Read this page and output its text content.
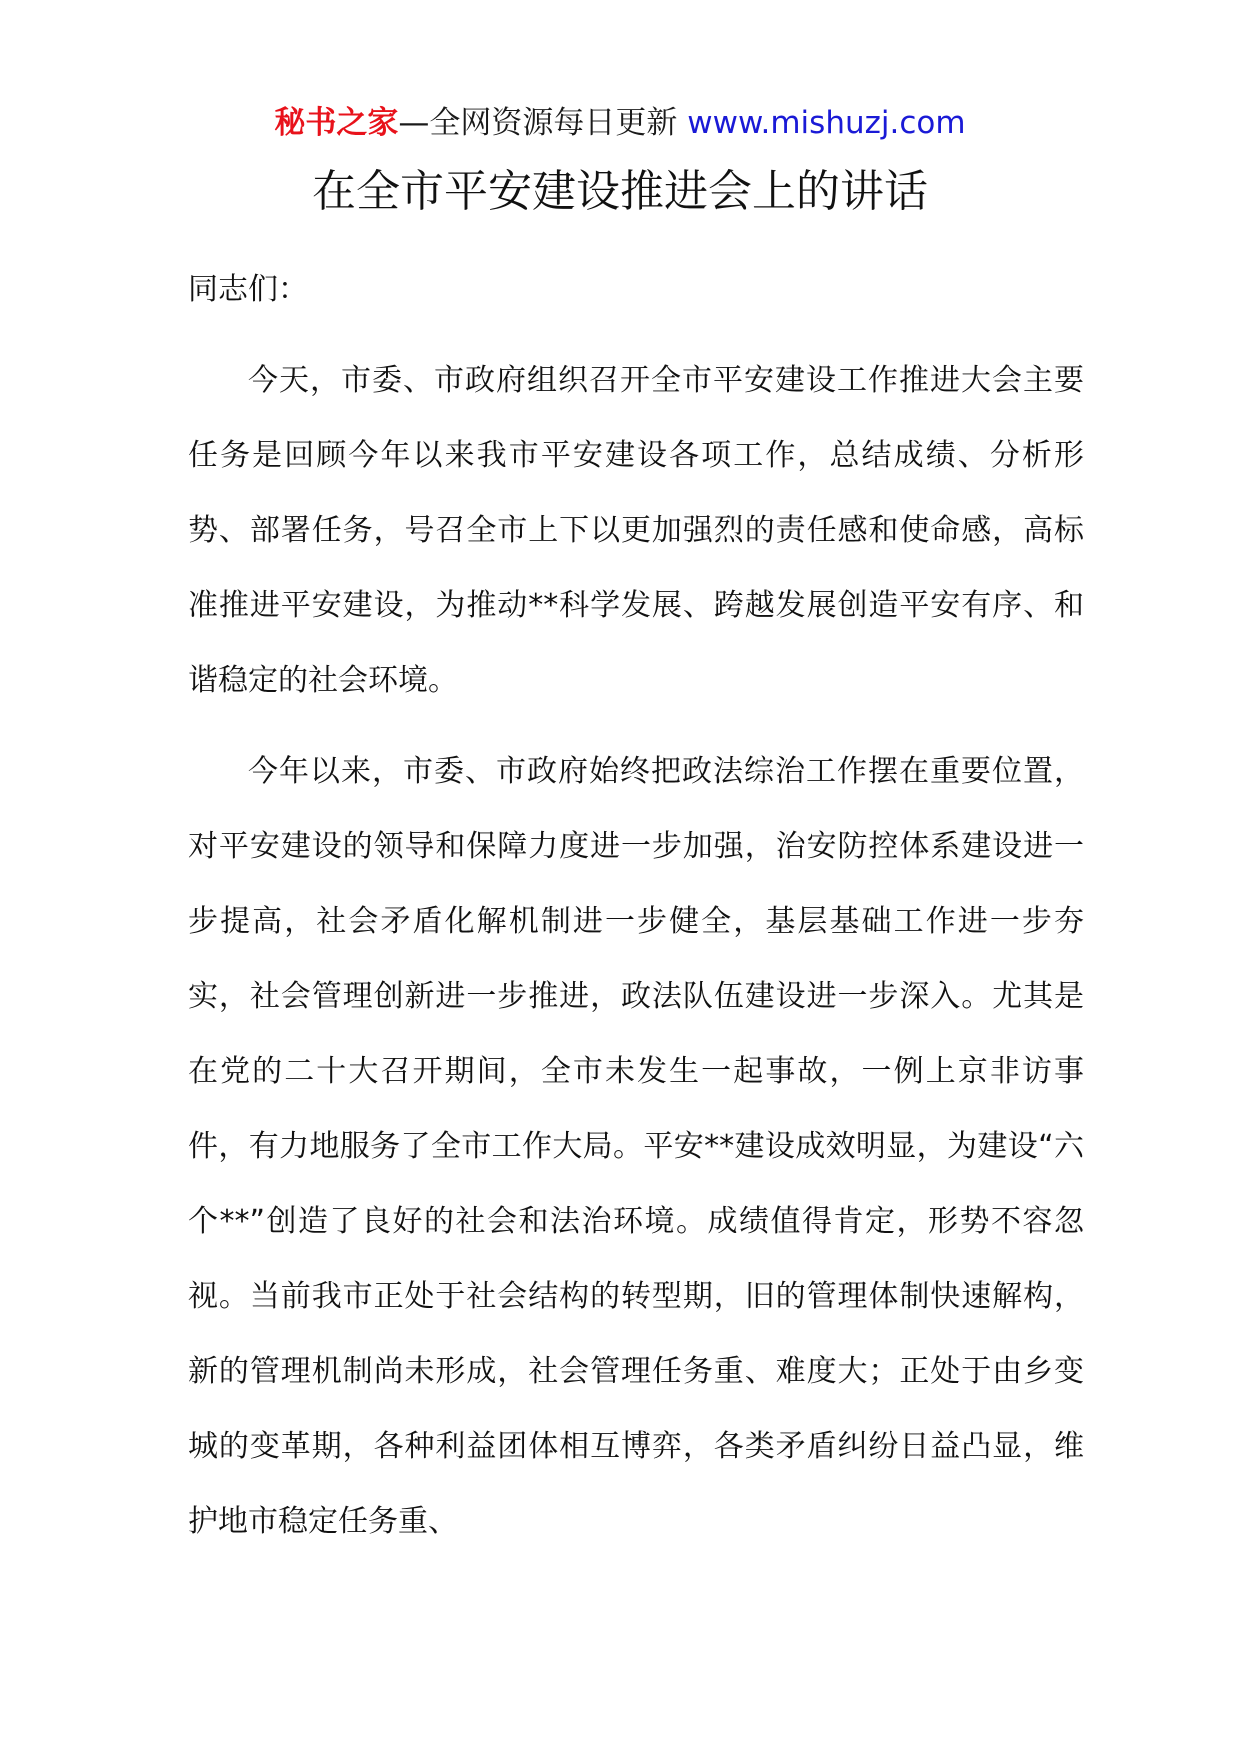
秘书之家—全网资源每日更新 www.mishuzj.com
在全市平安建设推进会上的讲话

同志们：

今天，市委、市政府组织召开全市平安建设工作推进大会主要任务是回顾今年以来我市平安建设各项工作，总结成绩、分析形势、部署任务，号召全市上下以更加强烈的责任感和使命感，高标准推进平安建设，为推动**科学发展、跨越发展创造平安有序、和谐稳定的社会环境。

今年以来，市委、市政府始终把政法综治工作摆在重要位置，对平安建设的领导和保障力度进一步加强，治安防控体系建设进一步提高，社会矛盾化解机制进一步健全，基层基础工作进一步夯实，社会管理创新进一步推进，政法队伍建设进一步深入。尤其是在党的二十大召开期间，全市未发生一起事故，一例上京非访事件，有力地服务了全市工作大局。平安**建设成效明显，为建设“六个**”创造了良好的社会和法治环境。成绩值得肯定，形势不容忽视。当前我市正处于社会结构的转型期，旧的管理体制快速解构，新的管理机制尚未形成，社会管理任务重、难度大；正处于由乡变城的变革期，各种利益团体相互博弈，各类矛盾纠纷日益凸显，维护地市稳定任务重、
